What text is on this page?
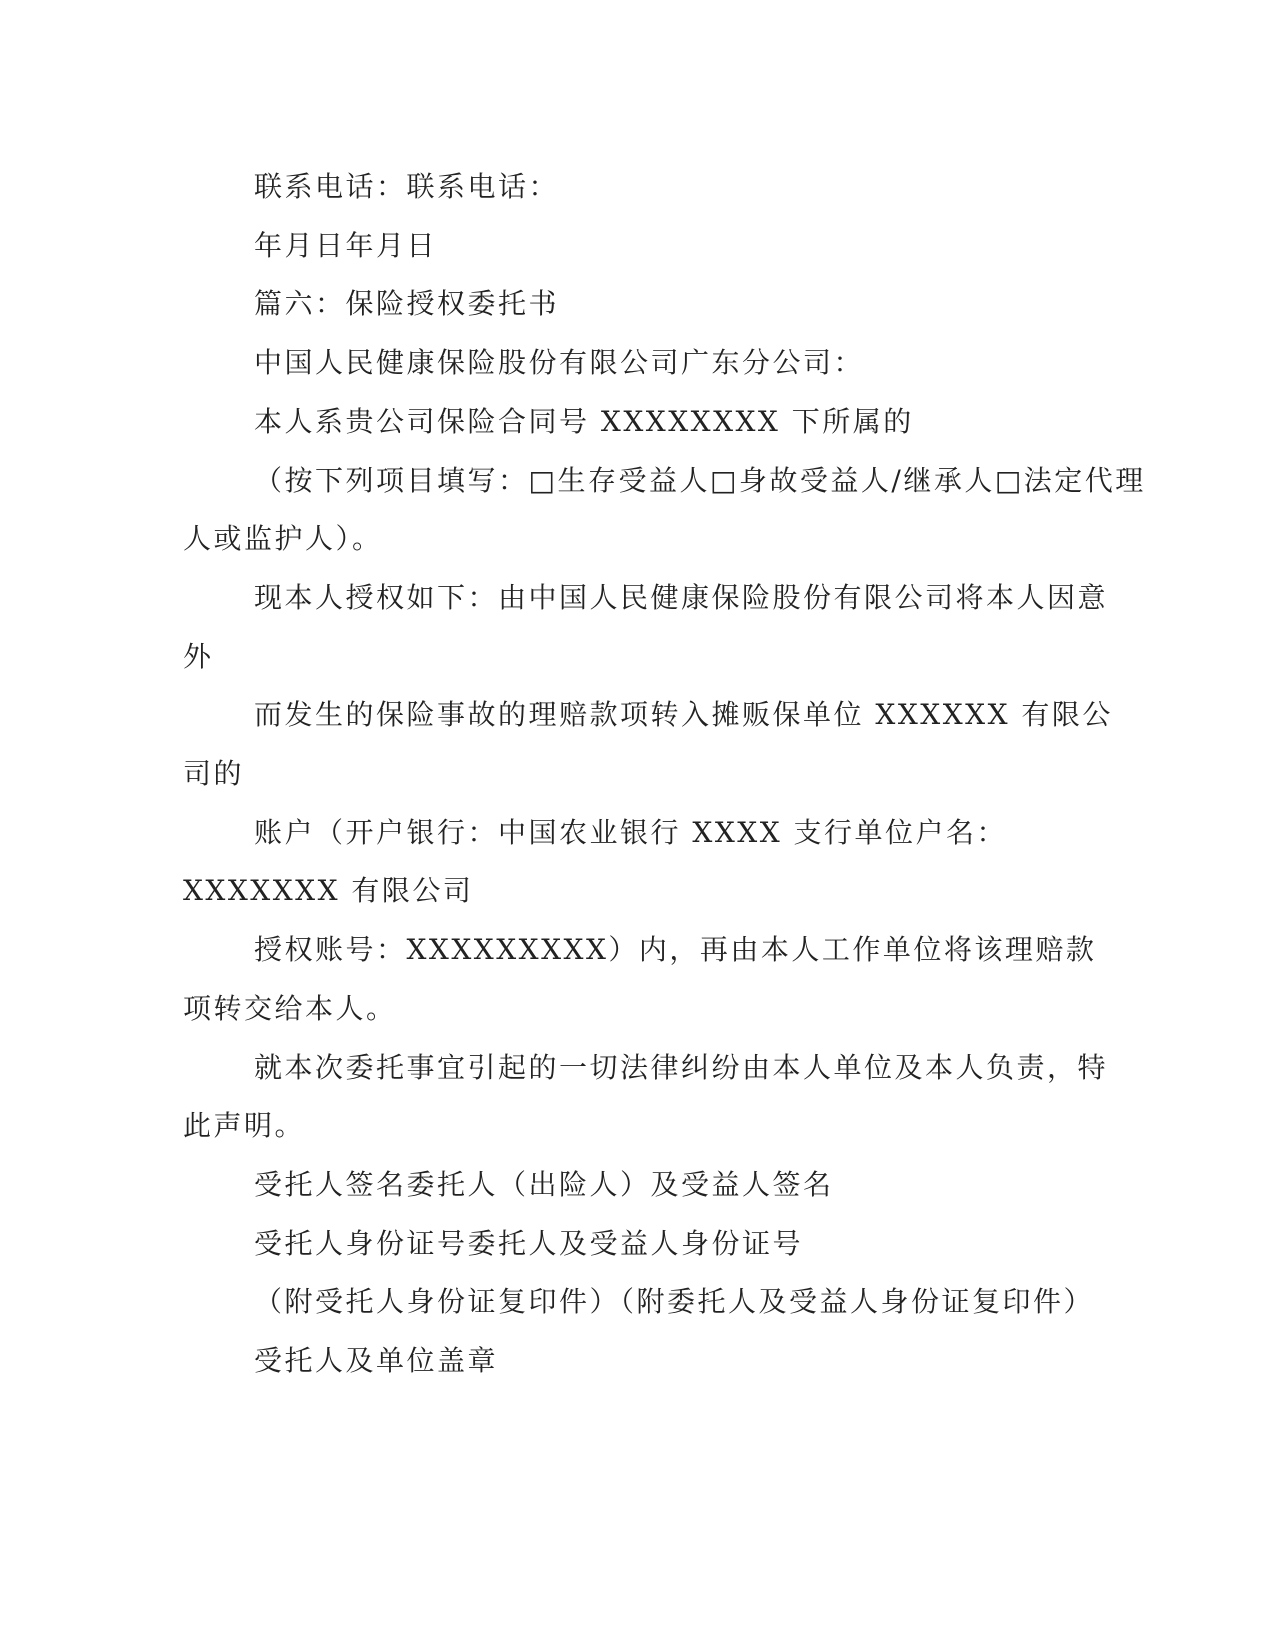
联系电话：联系电话：

年月日年月日

篇六：保险授权委托书

中国人民健康保险股份有限公司广东分公司：

本人系贵公司保险合同号 XXXXXXXX 下所属的

（按下列项目填写：□生存受益人□身故受益人/继承人□法定代理

人或监护人）。

现本人授权如下：由中国人民健康保险股份有限公司将本人因意

外

而发生的保险事故的理赔款项转入摊贩保单位 XXXXXX 有限公

司的

账户（开户银行：中国农业银行 XXXX 支行单位户名：

XXXXXXX 有限公司

授权账号：XXXXXXXXX）内，再由本人工作单位将该理赔款

项转交给本人。

就本次委托事宜引起的一切法律纠纷由本人单位及本人负责，特

此声明。

受托人签名委托人（出险人）及受益人签名

受托人身份证号委托人及受益人身份证号

（附受托人身份证复印件）（附委托人及受益人身份证复印件）

受托人及单位盖章
